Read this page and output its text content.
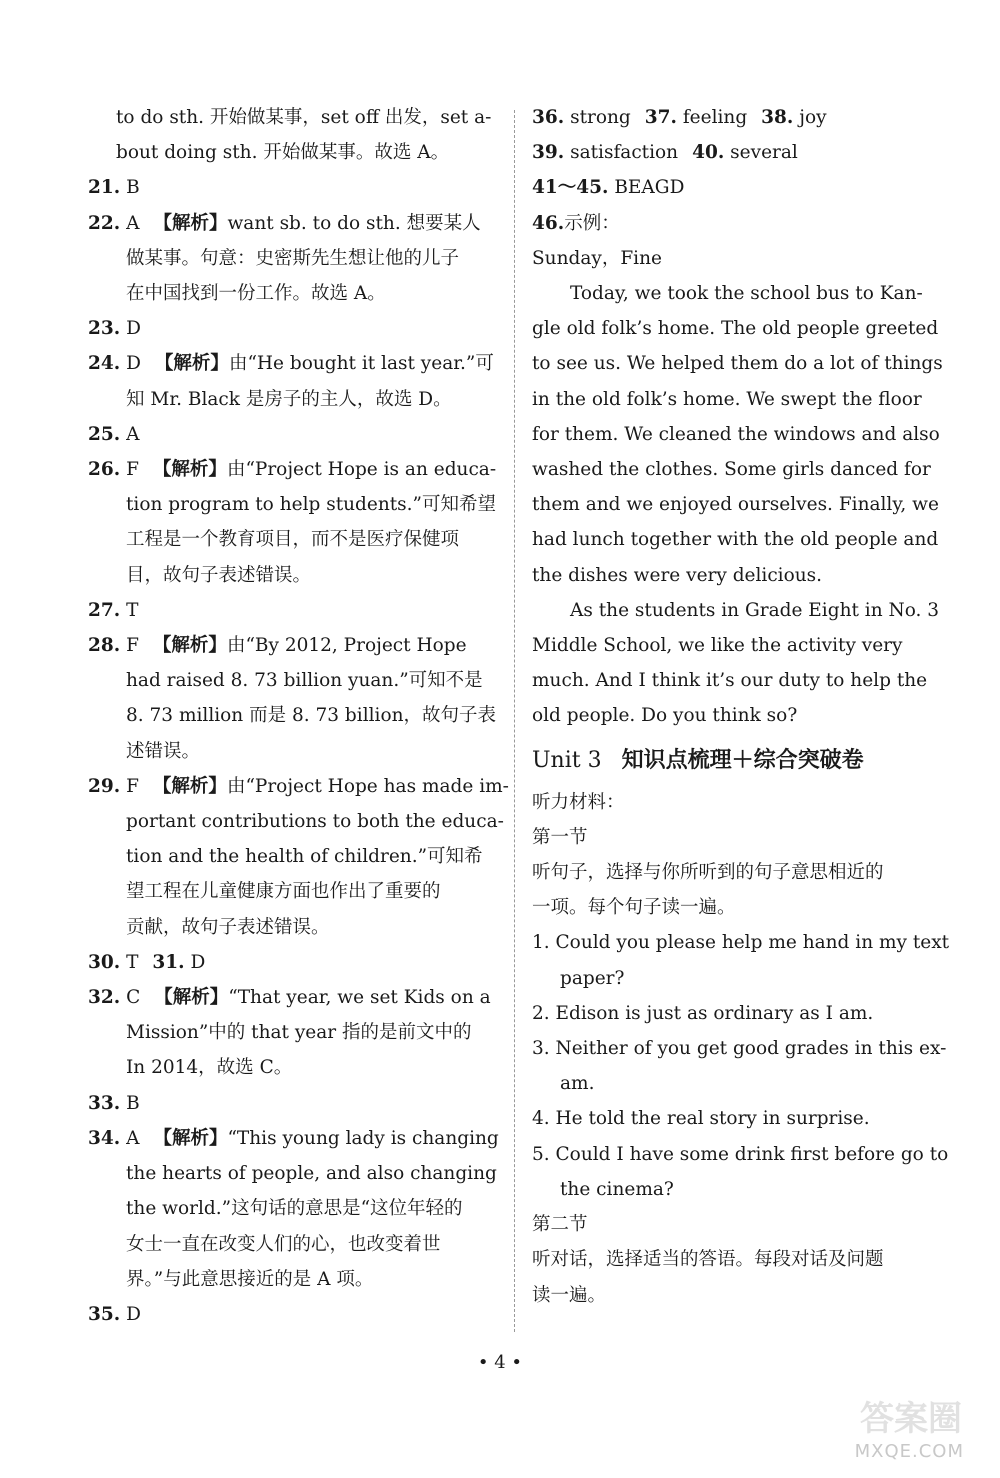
to do sth. 开始做某事，set off 出发，set a-
bout doing sth. 开始做某事。故选 A。
21. B
22. A 【解析】want sb. to do sth. 想要某人
做某事。句意：史密斯先生想让他的儿子
在中国找到一份工作。故选 A。
23. D
24. D 【解析】由“He bought it last year.”可
知 Mr. Black 是房子的主人，故选 D。
25. A
26. F 【解析】由“Project Hope is an educa-
tion program to help students.”可知希望
工程是一个教育项目，而不是医疗保健项
目，故句子表述错误。
27. T
28. F 【解析】由“By 2012, Project Hope
had raised 8. 73 billion yuan.”可知不是
8. 73 million 而是 8. 73 billion，故句子表
述错误。
29. F 【解析】由“Project Hope has made im-
portant contributions to both the educa-
tion and the health of children.”可知希
望工程在儿童健康方面也作出了重要的
贡献，故句子表述错误。
30. T 31. D
32. C 【解析】“That year, we set Kids on a
Mission”中的 that year 指的是前文中的
In 2014，故选 C。
33. B
34. A 【解析】“This young lady is changing
the hearts of people, and also changing
the world.”这句话的意思是“这位年轻的
女士一直在改变人们的心，也改变着世
界。”与此意思接近的是 A 项。
35. D
36. strong 37. feeling 38. joy
39. satisfaction 40. several
41～45. BEAGD
46.示例：
Sunday，Fine
Today, we took the school bus to Kan-
gle old folk’s home. The old people greeted
to see us. We helped them do a lot of things
in the old folk’s home. We swept the floor
for them. We cleaned the windows and also
washed the clothes. Some girls danced for
them and we enjoyed ourselves. Finally, we
had lunch together with the old people and
the dishes were very delicious.
As the students in Grade Eight in No. 3
Middle School, we like the activity very
much. And I think it’s our duty to help the
old people. Do you think so?
Unit 3 知识点梳理＋综合突破卷
听力材料：
第一节
听句子，选择与你所听到的句子意思相近的
一项。每个句子读一遍。
1. Could you please help me hand in my text
paper?
2. Edison is just as ordinary as I am.
3. Neither of you get good grades in this ex-
am.
4. He told the real story in surprise.
5. Could I have some drink first before go to
the cinema?
第二节
听对话，选择适当的答语。每段对话及问题
读一遍。
• 4 •
答案圈
MXQE.COM
